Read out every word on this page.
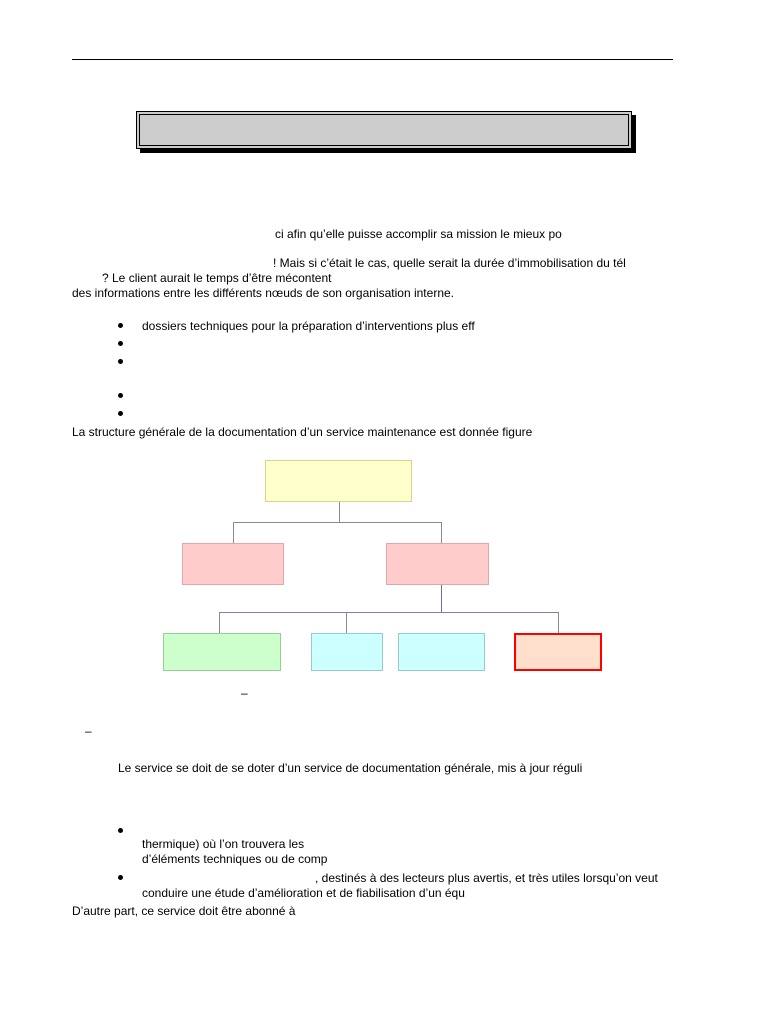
ci afin qu’elle puisse accomplir sa mission le mieux po
! Mais si c’était le cas, quelle serait la durée d’immobilisation du tél
? Le client aurait le temps d’être mécontent
des informations entre les différents nœuds de son organisation interne.
dossiers techniques pour la préparation d’interventions plus eff
La structure générale de la documentation d’un service maintenance est donnée figure
–
–
Le service se doit de se doter d’un service de documentation générale, mis à jour réguli
thermique) où l’on trouvera les
d’éléments techniques ou de comp
, destinés à des lecteurs plus avertis, et très utiles lorsqu’on veut
conduire une étude d’amélioration et de fiabilisation d’un équ
D’autre part, ce service doit être abonné à
